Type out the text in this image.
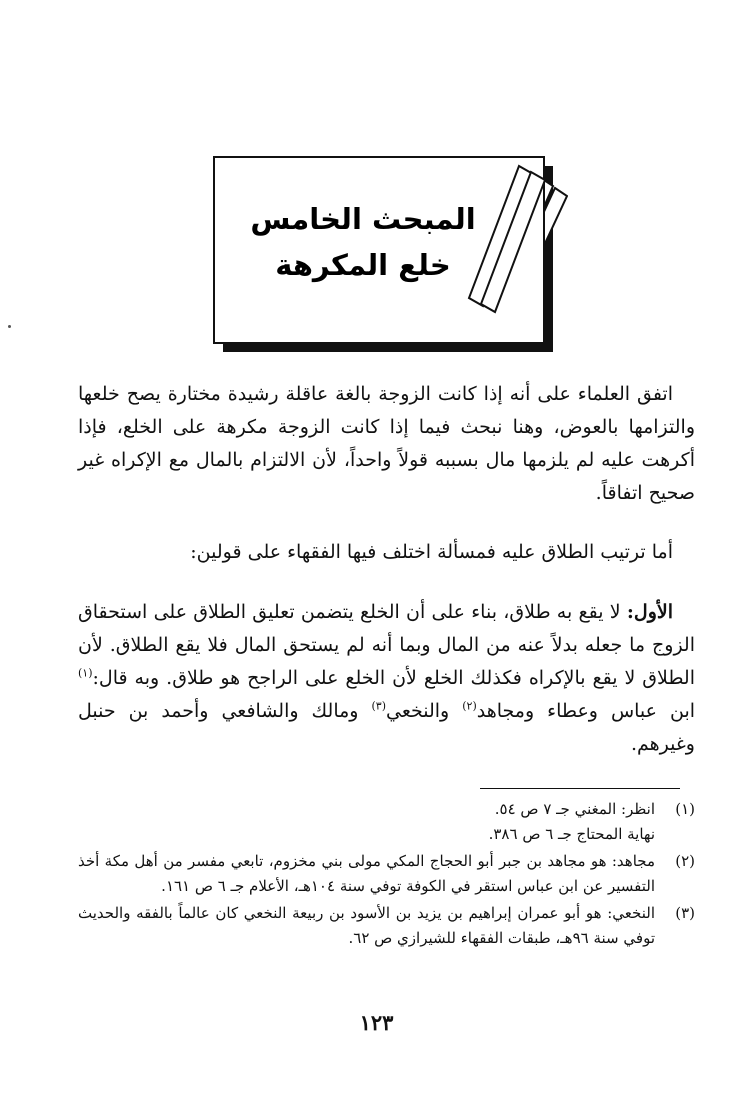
المبحث الخامس
خلع المكرهة

اتفق العلماء على أنه إذا كانت الزوجة بالغة عاقلة رشيدة مختارة يصح خلعها والتزامها بالعوض، وهنا نبحث فيما إذا كانت الزوجة مكرهة على الخلع، فإذا أكرهت عليه لم يلزمها مال بسببه قولاً واحداً، لأن الالتزام بالمال مع الإكراه غير صحيح اتفاقاً.

أما ترتيب الطلاق عليه فمسألة اختلف فيها الفقهاء على قولين:

الأول: لا يقع به طلاق، بناء على أن الخلع يتضمن تعليق الطلاق على استحقاق الزوج ما جعله بدلاً عنه من المال وبما أنه لم يستحق المال فلا يقع الطلاق. لأن الطلاق لا يقع بالإكراه فكذلك الخلع لأن الخلع على الراجح هو طلاق. وبه قال:$^{(١)}$ ابن عباس وعطاء ومجاهد$^{(٢)}$ والنخعي$^{(٣)}$ ومالك والشافعي وأحمد بن حنبل وغيرهم.

(١)
انظر: المغني جـ ٧ ص ٥٤.
نهاية المحتاج جـ ٦ ص ٣٨٦.
(٢)
مجاهد: هو مجاهد بن جبر أبو الحجاج المكي مولى بني مخزوم، تابعي مفسر من أهل مكة أخذ التفسير عن ابن عباس استقر في الكوفة توفي سنة ١٠٤هـ، الأعلام جـ ٦ ص ١٦١.
(٣)
النخعي: هو أبو عمران إبراهيم بن يزيد بن الأسود بن ربيعة النخعي كان عالماً بالفقه والحديث توفي سنة ٩٦هـ، طبقات الفقهاء للشيرازي ص ٦٢.
١٢٣
